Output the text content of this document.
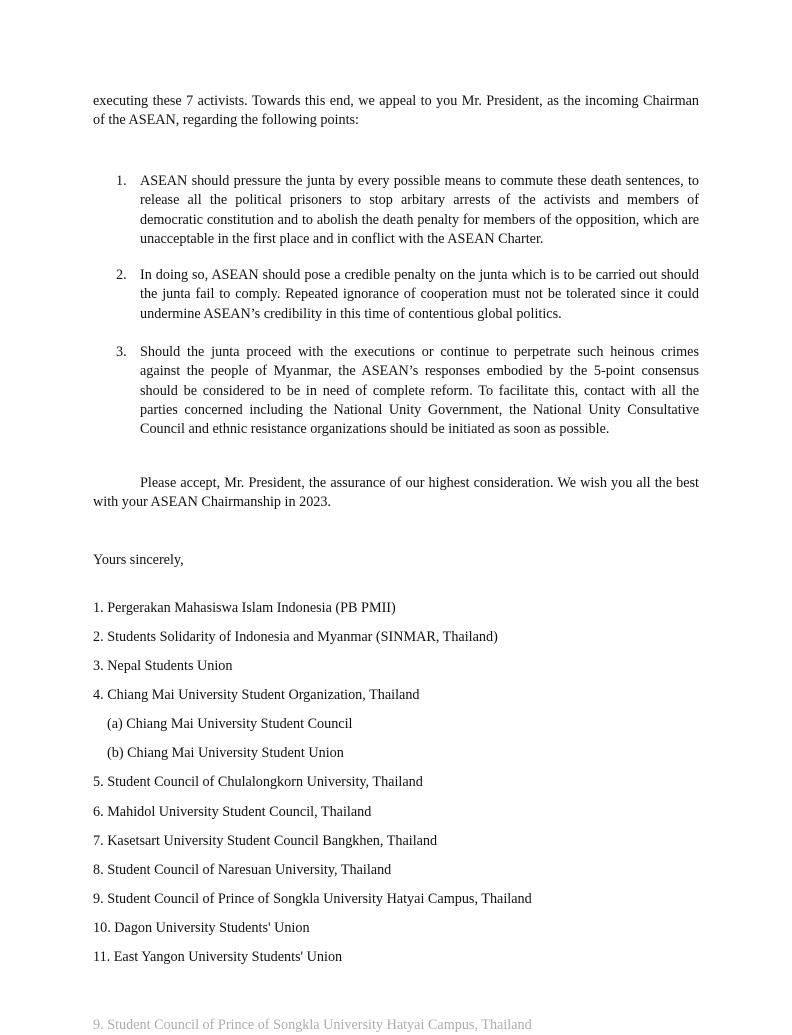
executing these 7 activists. Towards this end, we appeal to you Mr. President, as the incoming Chairman of the ASEAN, regarding the following points:

1. ASEAN should pressure the junta by every possible means to commute these death sentences, to release all the political prisoners to stop arbitary arrests of the activists and members of democratic constitution and to abolish the death penalty for members of the opposition, which are unacceptable in the first place and in conflict with the ASEAN Charter.
2. In doing so, ASEAN should pose a credible penalty on the junta which is to be carried out should the junta fail to comply. Repeated ignorance of cooperation must not be tolerated since it could undermine ASEAN’s credibility in this time of contentious global politics.
3. Should the junta proceed with the executions or continue to perpetrate such heinous crimes against the people of Myanmar, the ASEAN’s responses embodied by the 5-point consensus should be considered to be in need of complete reform. To facilitate this, contact with all the parties concerned including the National Unity Government, the National Unity Consultative Council and ethnic resistance organizations should be initiated as soon as possible.

Please accept, Mr. President, the assurance of our highest consideration. We wish you all the best with your ASEAN Chairmanship in 2023.

Yours sincerely,
1. Pergerakan Mahasiswa Islam Indonesia (PB PMII)
2. Students Solidarity of Indonesia and Myanmar (SINMAR, Thailand)
3. Nepal Students Union
4. Chiang Mai University Student Organization, Thailand
(a) Chiang Mai University Student Council
(b) Chiang Mai University Student Union
5. Student Council of Chulalongkorn University, Thailand
6. Mahidol University Student Council, Thailand
7. Kasetsart University Student Council Bangkhen, Thailand
8. Student Council of Naresuan University, Thailand
9. Student Council of Prince of Songkla University Hatyai Campus, Thailand
10. Dagon University Students' Union
11. East Yangon University Students' Union
9. Student Council of Prince of Songkla University Hatyai Campus, Thailand
